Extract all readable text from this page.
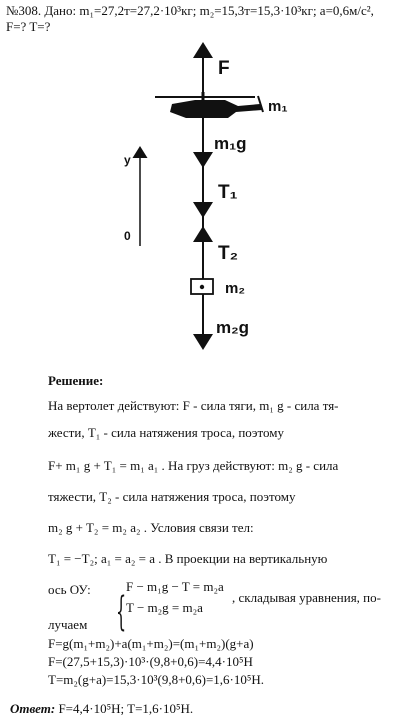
№308. Дано: m₁=27,2т=27,2·10³кг; m₂=15,3т=15,3·10³кг; a=0,6м/с²,
F=? T=?
F
m₁
m₁g
T₁
T₂
m₂
m₂g
y
0
Решение:
На вертолет действуют: F - сила тяги, m₁ g - сила тя-
жести, T₁ - сила натяжения троса, поэтому
F+ m₁ g + T₁ = m₁ a₁ . На груз действуют: m₂ g - сила
тяжести, T₂ - сила натяжения троса, поэтому
m₂ g + T₂ = m₂ a₂ . Условия связи тел:
T₁ = −T₂; a₁ = a₂ = a . В проекции на вертикальную
ось ОУ: {
F − m₁g − T = m₂a
T − m₂g = m₂a
, складывая уравнения, по-
лучаем
F=g(m₁+m₂)+a(m₁+m₂)=(m₁+m₂)(g+a)
F=(27,5+15,3)·10³·(9,8+0,6)=4,4·10⁵H
T=m₂(g+a)=15,3·10³(9,8+0,6)=1,6·10⁵H.
Ответ: F=4,4·10⁵H; T=1,6·10⁵H.
